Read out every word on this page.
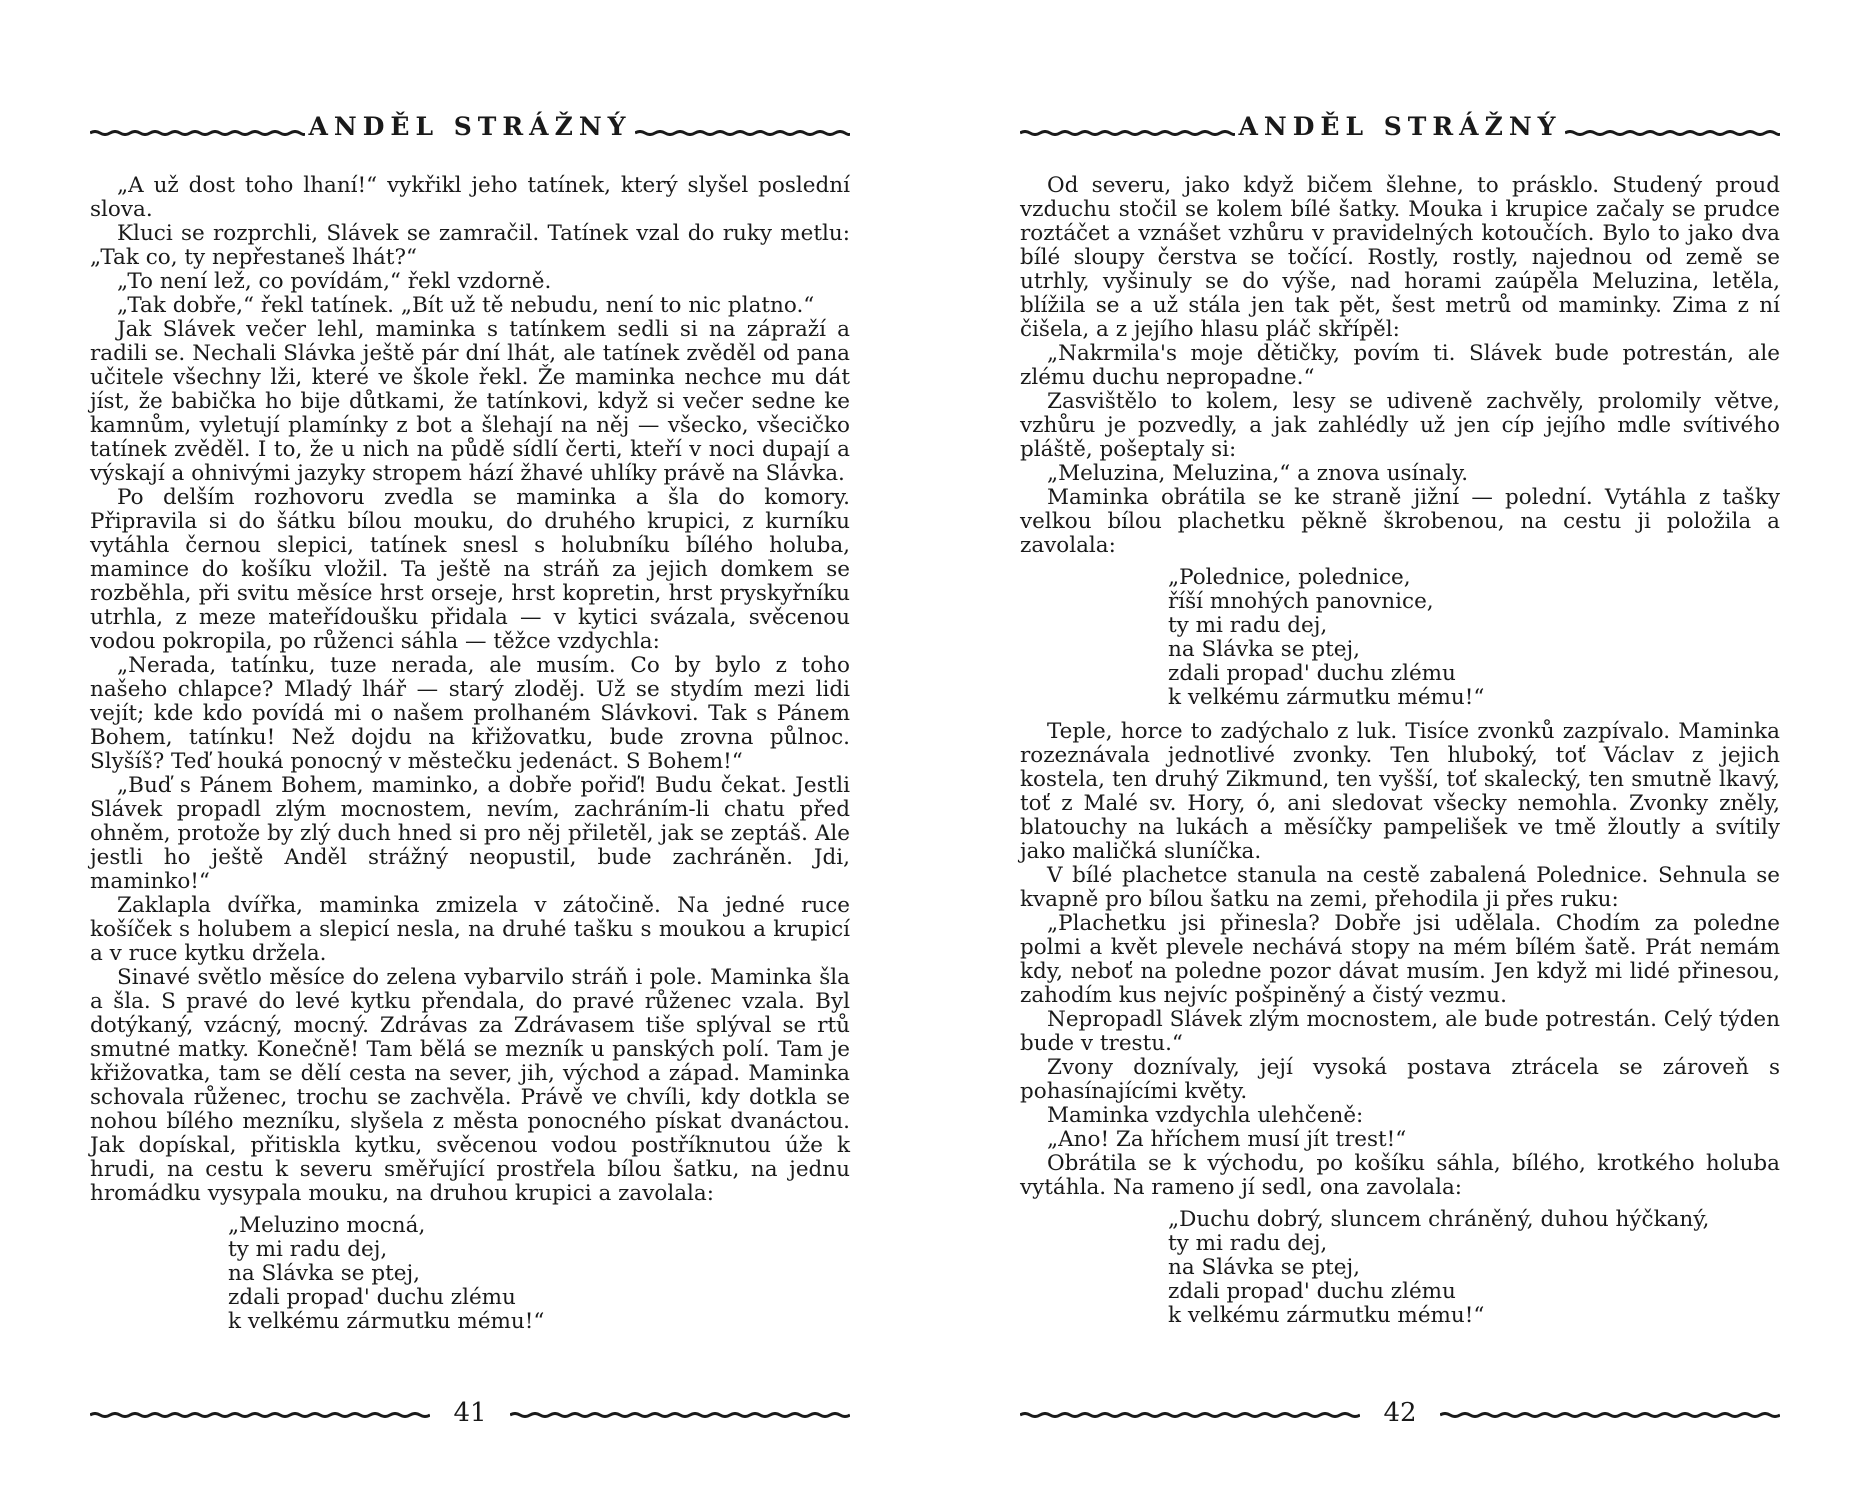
ANDĚL STRÁŽNÝ

„A už dost toho lhaní!“ vykřikl jeho tatínek, který slyšel poslední slova.

Kluci se rozprchli, Slávek se zamračil. Tatínek vzal do ruky metlu: „Tak co, ty nepřestaneš lhát?“

„To není lež, co povídám,“ řekl vzdorně.

„Tak dobře,“ řekl tatínek. „Bít už tě nebudu, není to nic platno.“

Jak Slávek večer lehl, maminka s tatínkem sedli si na zápraží a radili se. Nechali Slávka ještě pár dní lhát, ale tatínek zvěděl od pana učitele všechny lži, které ve škole řekl. Že maminka nechce mu dát jíst, že babička ho bije důtkami, že tatínkovi, když si večer sedne ke kamnům, vyletují plamínky z bot a šlehají na něj — všecko, všecičko tatínek zvěděl. I to, že u nich na půdě sídlí čerti, kteří v noci dupají a výskají a ohnivými jazyky stropem hází žhavé uhlíky právě na Slávka.

Po delším rozhovoru zvedla se maminka a šla do komory. Připravila si do šátku bílou mouku, do druhého krupici, z kurníku vytáhla černou slepici, tatínek snesl s holubníku bílého holuba, mamince do košíku vložil. Ta ještě na stráň za jejich domkem se rozběhla, při svitu měsíce hrst orseje, hrst kopretin, hrst pryskyřníku utrhla, z meze mateřídoušku přidala — v kytici svázala, svěcenou vodou pokropila, po růženci sáhla — těžce vzdychla:

„Nerada, tatínku, tuze nerada, ale musím. Co by bylo z toho našeho chlapce? Mladý lhář — starý zloděj. Už se stydím mezi lidi vejít; kde kdo povídá mi o našem prolhaném Slávkovi. Tak s Pánem Bohem, tatínku! Než dojdu na křižovatku, bude zrovna půlnoc. Slyšíš? Teď houká ponocný v městečku jedenáct. S Bohem!“

„Buď s Pánem Bohem, maminko, a dobře pořiď! Budu čekat. Jestli Slávek propadl zlým mocnostem, nevím, zachráním-li chatu před ohněm, protože by zlý duch hned si pro něj přiletěl, jak se zeptáš. Ale jestli ho ještě Anděl strážný neopustil, bude zachráněn. Jdi, maminko!“

Zaklapla dvířka, maminka zmizela v zátočině. Na jedné ruce košíček s holubem a slepicí nesla, na druhé tašku s moukou a krupicí a v ruce kytku držela.

Sinavé světlo měsíce do zelena vybarvilo stráň i pole. Maminka šla a šla. S pravé do levé kytku přendala, do pravé růženec vzala. Byl dotýkaný, vzácný, mocný. Zdrávas za Zdrávasem tiše splýval se rtů smutné matky. Konečně! Tam bělá se mezník u panských polí. Tam je křižovatka, tam se dělí cesta na sever, jih, východ a západ. Maminka schovala růženec, trochu se zachvěla. Právě ve chvíli, kdy dotkla se nohou bílého mezníku, slyšela z města ponocného pískat dvanáctou. Jak dopískal, přitiskla kytku, svěcenou vodou postříknutou úže k hrudi, na cestu k severu směřující prostřela bílou šatku, na jednu hromádku vysypala mouku, na druhou krupici a zavolala:

„Meluzino mocná,
ty mi radu dej,
na Slávka se ptej,
zdali propad' duchu zlému
k velkému zármutku mému!“
41
ANDĚL STRÁŽNÝ

Od severu, jako když bičem šlehne, to prásklo. Studený proud vzduchu stočil se kolem bílé šatky. Mouka i krupice začaly se prudce roztáčet a vznášet vzhůru v pravidelných kotoučích. Bylo to jako dva bílé sloupy čerstva se točící. Rostly, rostly, najednou od země se utrhly, vyšinuly se do výše, nad horami zaúpěla Meluzina, letěla, blížila se a už stála jen tak pět, šest metrů od maminky. Zima z ní čišela, a z jejího hlasu pláč skřípěl:

„Nakrmila's moje dětičky, povím ti. Slávek bude potrestán, ale zlému duchu nepropadne.“

Zasvištělo to kolem, lesy se udiveně zachvěly, prolomily větve, vzhůru je pozvedly, a jak zahlédly už jen cíp jejího mdle svítivého pláště, pošeptaly si:

„Meluzina, Meluzina,“ a znova usínaly.

Maminka obrátila se ke straně jižní — polední. Vytáhla z tašky velkou bílou plachetku pěkně škrobenou, na cestu ji položila a zavolala:

„Polednice, polednice,
říší mnohých panovnice,
ty mi radu dej,
na Slávka se ptej,
zdali propad' duchu zlému
k velkému zármutku mému!“

Teple, horce to zadýchalo z luk. Tisíce zvonků zazpívalo. Maminka rozeznávala jednotlivé zvonky. Ten hluboký, toť Václav z jejich kostela, ten druhý Zikmund, ten vyšší, toť skalecký, ten smutně lkavý, toť z Malé sv. Hory, ó, ani sledovat všecky nemohla. Zvonky zněly, blatouchy na lukách a měsíčky pampelišek ve tmě žloutly a svítily jako maličká sluníčka.

V bílé plachetce stanula na cestě zabalená Polednice. Sehnula se kvapně pro bílou šatku na zemi, přehodila ji přes ruku:

„Plachetku jsi přinesla? Dobře jsi udělala. Chodím za poledne polmi a květ plevele nechává stopy na mém bílém šatě. Prát nemám kdy, neboť na poledne pozor dávat musím. Jen když mi lidé přinesou, zahodím kus nejvíc pošpiněný a čistý vezmu.

Nepropadl Slávek zlým mocnostem, ale bude potrestán. Celý týden bude v trestu.“

Zvony doznívaly, její vysoká postava ztrácela se zároveň s pohasínajícími květy.

Maminka vzdychla ulehčeně:

„Ano! Za hříchem musí jít trest!“

Obrátila se k východu, po košíku sáhla, bílého, krotkého holuba vytáhla. Na rameno jí sedl, ona zavolala:

„Duchu dobrý, sluncem chráněný, duhou hýčkaný,
ty mi radu dej,
na Slávka se ptej,
zdali propad' duchu zlému
k velkému zármutku mému!“
42
